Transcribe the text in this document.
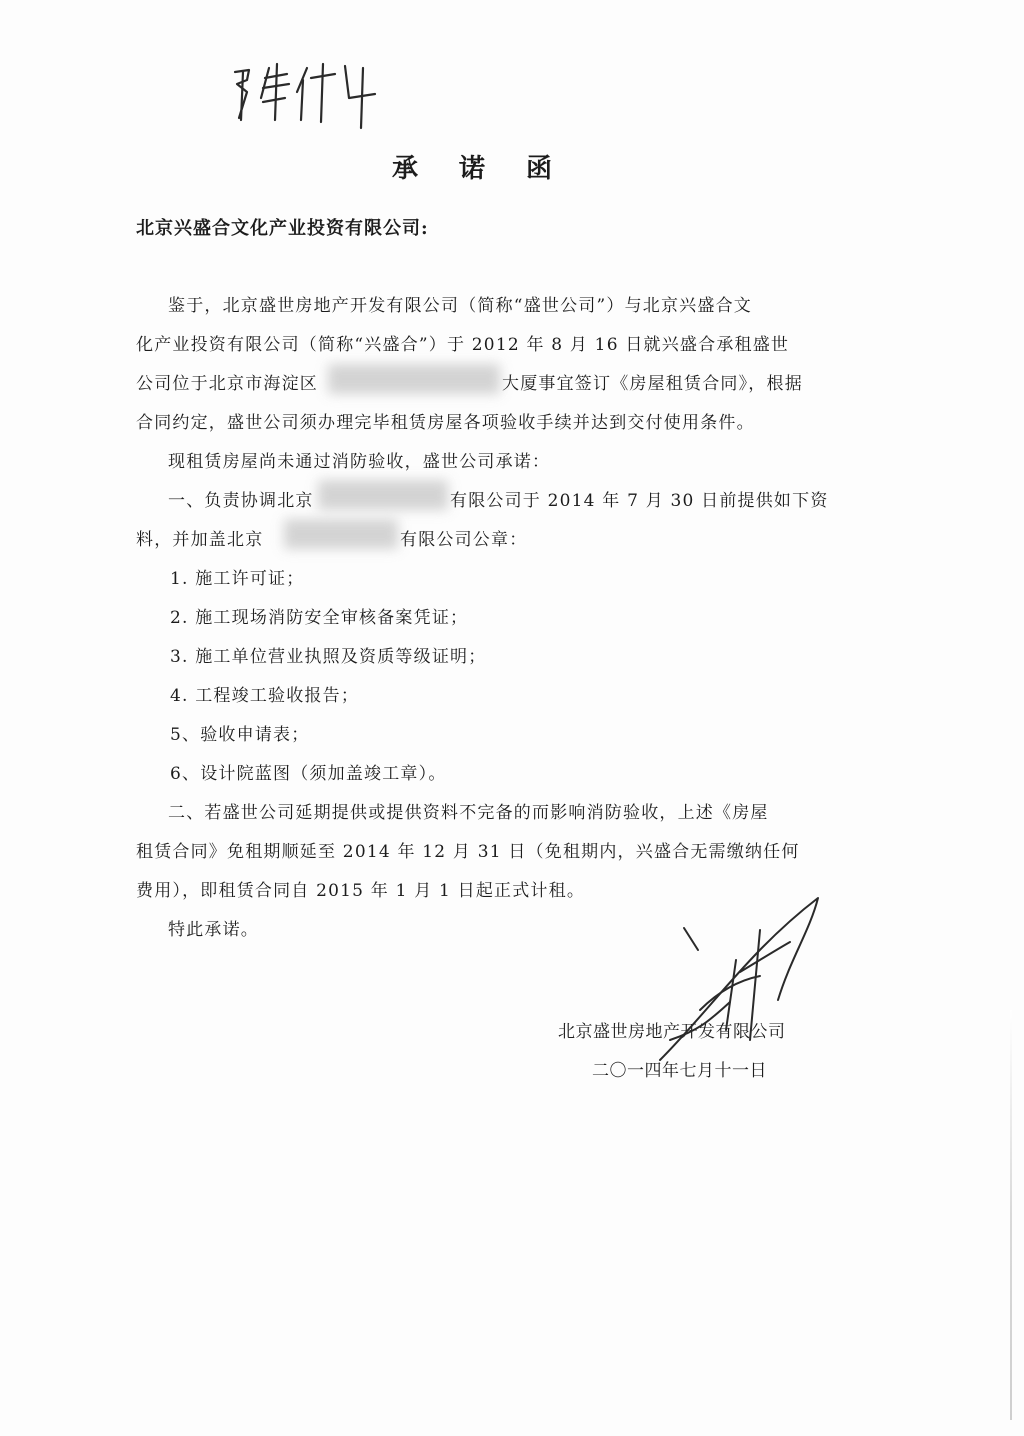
承 诺 函
北京兴盛合文化产业投资有限公司:
鉴于，北京盛世房地产开发有限公司（简称“盛世公司”）与北京兴盛合文
化产业投资有限公司（简称“兴盛合”）于 2012 年 8 月 16 日就兴盛合承租盛世
公司位于北京市海淀区	大厦事宜签订《房屋租赁合同》，根据
合同约定，盛世公司须办理完毕租赁房屋各项验收手续并达到交付使用条件。
现租赁房屋尚未通过消防验收，盛世公司承诺：
一、负责协调北京	有限公司于 2014 年 7 月 30 日前提供如下资
料，并加盖北京	有限公司公章：
1. 施工许可证；
2. 施工现场消防安全审核备案凭证；
3. 施工单位营业执照及资质等级证明；
4. 工程竣工验收报告；
5、验收申请表；
6、设计院蓝图（须加盖竣工章）。
二、若盛世公司延期提供或提供资料不完备的而影响消防验收，上述《房屋
租赁合同》免租期顺延至 2014 年 12 月 31 日（免租期内，兴盛合无需缴纳任何
费用），即租赁合同自 2015 年 1 月 1 日起正式计租。
特此承诺。
北京盛世房地产开发有限公司
二〇一四年七月十一日
